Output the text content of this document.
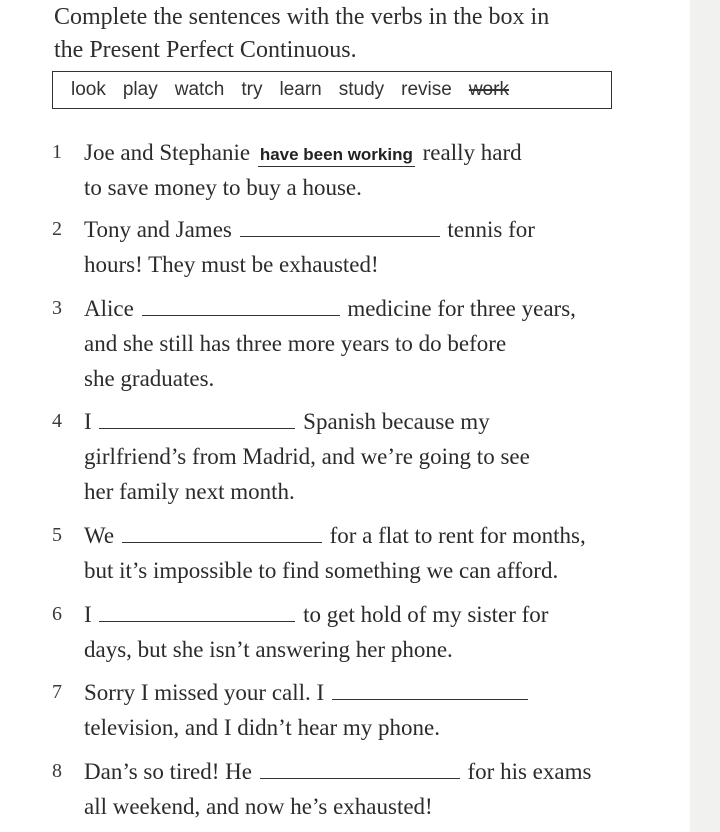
Complete the sentences with the verbs in the box in
the Present Perfect Continuous.
look play watch try learn study revise work
1 Joe and Stephanie have been working really hard
to save money to buy a house.
2 Tony and James	tennis for
hours! They must be exhausted!
3 Alice	medicine for three years,
and she still has three more years to do before
she graduates.
4 I	Spanish because my
girlfriend’s from Madrid, and we’re going to see
her family next month.
5 We	for a flat to rent for months,
but it’s impossible to find something we can afford.
6 I	to get hold of my sister for
days, but she isn’t answering her phone.
7 Sorry I missed your call. I
television, and I didn’t hear my phone.
8 Dan’s so tired! He	for his exams
all weekend, and now he’s exhausted!
